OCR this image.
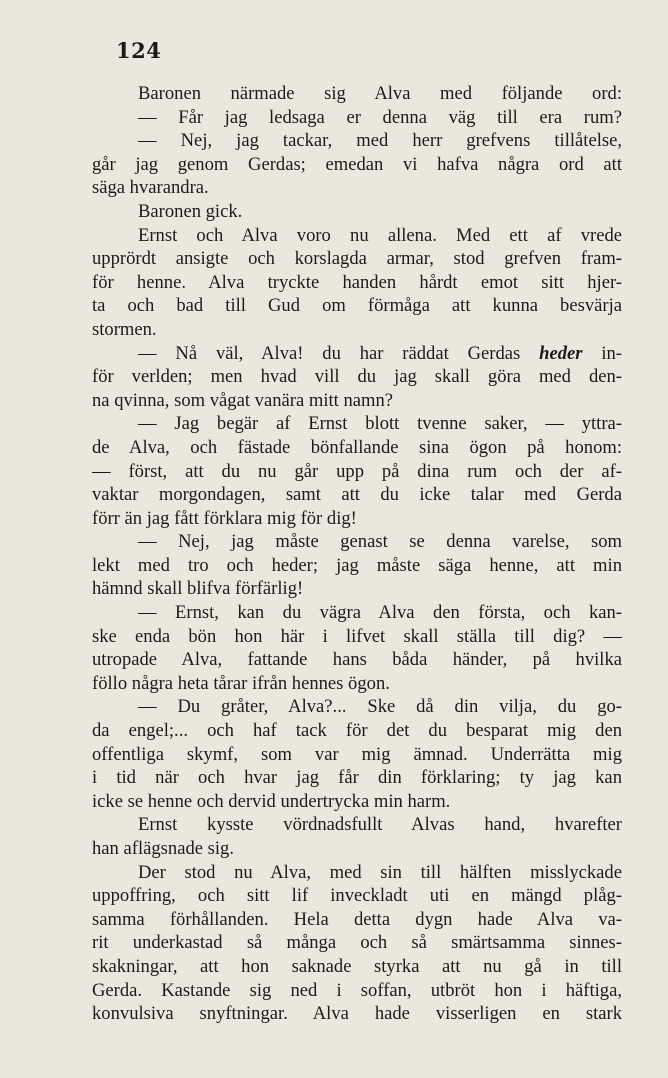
124
Baronen närmade sig Alva med följande ord:
— Får jag ledsaga er denna väg till era rum?
— Nej, jag tackar, med herr grefvens tillåtelse,
går jag genom Gerdas; emedan vi hafva några ord att
säga hvarandra.
Baronen gick.
Ernst och Alva voro nu allena. Med ett af vrede
upprördt ansigte och korslagda armar, stod grefven fram-
för henne. Alva tryckte handen hårdt emot sitt hjer-
ta och bad till Gud om förmåga att kunna besvärja
stormen.
— Nå väl, Alva! du har räddat Gerdas heder in-
för verlden; men hvad vill du jag skall göra med den-
na qvinna, som vågat vanära mitt namn?
— Jag begär af Ernst blott tvenne saker, — yttra-
de Alva, och fästade bönfallande sina ögon på honom:
— först, att du nu går upp på dina rum och der af-
vaktar morgondagen, samt att du icke talar med Gerda
förr än jag fått förklara mig för dig!
— Nej, jag måste genast se denna varelse, som
lekt med tro och heder; jag måste säga henne, att min
hämnd skall blifva förfärlig!
— Ernst, kan du vägra Alva den första, och kan-
ske enda bön hon här i lifvet skall ställa till dig? —
utropade Alva, fattande hans båda händer, på hvilka
föllo några heta tårar ifrån hennes ögon.
— Du gråter, Alva?... Ske då din vilja, du go-
da engel;... och haf tack för det du besparat mig den
offentliga skymf, som var mig ämnad. Underrätta mig
i tid när och hvar jag får din förklaring; ty jag kan
icke se henne och dervid undertrycka min harm.
Ernst kysste vördnadsfullt Alvas hand, hvarefter
han aflägsnade sig.
Der stod nu Alva, med sin till hälften misslyckade
uppoffring, och sitt lif inveckladt uti en mängd plåg-
samma förhållanden. Hela detta dygn hade Alva va-
rit underkastad så många och så smärtsamma sinnes-
skakningar, att hon saknade styrka att nu gå in till
Gerda. Kastande sig ned i soffan, utbröt hon i häftiga,
konvulsiva snyftningar. Alva hade visserligen en stark
